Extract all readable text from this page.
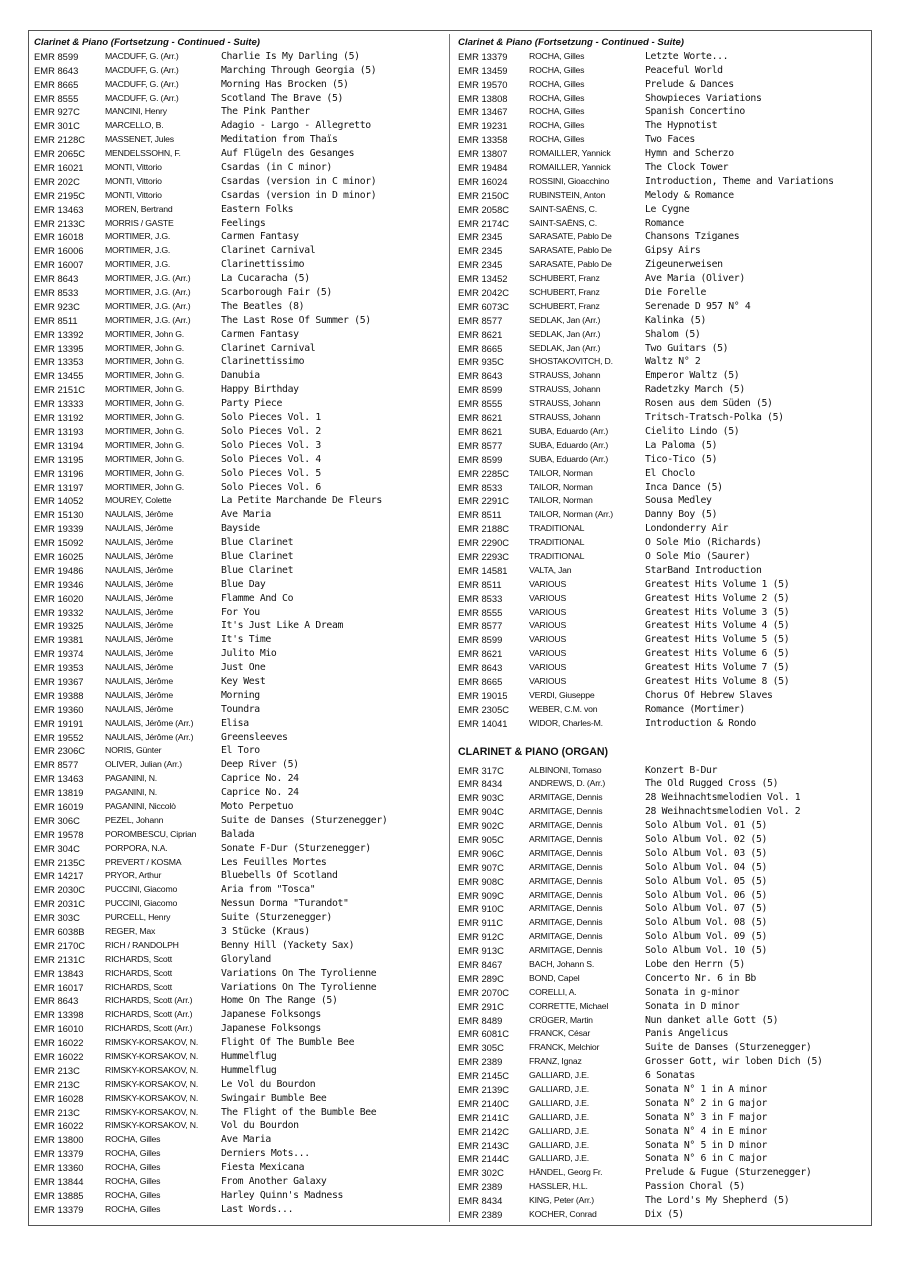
Clarinet & Piano (Fortsetzung - Continued - Suite)
EMR 8599	MACDUFF, G. (Arr.)	Charlie Is My Darling (5)
EMR 8643	MACDUFF, G. (Arr.)	Marching Through Georgia (5)
EMR 8665	MACDUFF, G. (Arr.)	Morning Has Brocken (5)
EMR 8555	MACDUFF, G. (Arr.)	Scotland The Brave (5)
EMR 927C	MANCINI, Henry	The Pink Panther
EMR 301C	MARCELLO, B.	Adagio - Largo - Allegretto
EMR 2128C	MASSENET, Jules	Meditation from Thaïs
EMR 2065C	MENDELSSOHN, F.	Auf Flügeln des Gesanges
EMR 16021	MONTI, Vittorio	Csardas (in C minor)
EMR 202C	MONTI, Vittorio	Csardas (version in C minor)
EMR 2195C	MONTI, Vittorio	Csardas (version in D minor)
EMR 13463	MOREN, Bertrand	Eastern Folks
EMR 2133C	MORRIS / GASTE	Feelings
EMR 16018	MORTIMER, J.G.	Carmen Fantasy
EMR 16006	MORTIMER, J.G.	Clarinet Carnival
EMR 16007	MORTIMER, J.G.	Clarinettissimo
EMR 8643	MORTIMER, J.G. (Arr.)	La Cucaracha (5)
EMR 8533	MORTIMER, J.G. (Arr.)	Scarborough Fair (5)
EMR 923C	MORTIMER, J.G. (Arr.)	The Beatles (8)
EMR 8511	MORTIMER, J.G. (Arr.)	The Last Rose Of Summer (5)
EMR 13392	MORTIMER, John G.	Carmen Fantasy
EMR 13395	MORTIMER, John G.	Clarinet Carnival
EMR 13353	MORTIMER, John G.	Clarinettissimo
EMR 13455	MORTIMER, John G.	Danubia
EMR 2151C	MORTIMER, John G.	Happy Birthday
EMR 13333	MORTIMER, John G.	Party Piece
EMR 13192	MORTIMER, John G.	Solo Pieces Vol. 1
EMR 13193	MORTIMER, John G.	Solo Pieces Vol. 2
EMR 13194	MORTIMER, John G.	Solo Pieces Vol. 3
EMR 13195	MORTIMER, John G.	Solo Pieces Vol. 4
EMR 13196	MORTIMER, John G.	Solo Pieces Vol. 5
EMR 13197	MORTIMER, John G.	Solo Pieces Vol. 6
EMR 14052	MOUREY, Colette	La Petite Marchande De Fleurs
EMR 15130	NAULAIS, Jérôme	Ave Maria
EMR 19339	NAULAIS, Jérôme	Bayside
EMR 15092	NAULAIS, Jérôme	Blue Clarinet
EMR 16025	NAULAIS, Jérôme	Blue Clarinet
EMR 19486	NAULAIS, Jérôme	Blue Clarinet
EMR 19346	NAULAIS, Jérôme	Blue Day
EMR 16020	NAULAIS, Jérôme	Flamme And Co
EMR 19332	NAULAIS, Jérôme	For You
EMR 19325	NAULAIS, Jérôme	It's Just Like A Dream
EMR 19381	NAULAIS, Jérôme	It's Time
EMR 19374	NAULAIS, Jérôme	Julito Mio
EMR 19353	NAULAIS, Jérôme	Just One
EMR 19367	NAULAIS, Jérôme	Key West
EMR 19388	NAULAIS, Jérôme	Morning
EMR 19360	NAULAIS, Jérôme	Toundra
EMR 19191	NAULAIS, Jérôme (Arr.)	Elisa
EMR 19552	NAULAIS, Jérôme (Arr.)	Greensleeves
EMR 2306C	NORIS, Günter	El Toro
EMR 8577	OLIVER, Julian (Arr.)	Deep River (5)
EMR 13463	PAGANINI, N.	Caprice No. 24
EMR 13819	PAGANINI, N.	Caprice No. 24
EMR 16019	PAGANINI, Niccolò	Moto Perpetuo
EMR 306C	PEZEL, Johann	Suite de Danses (Sturzenegger)
EMR 19578	POROMBESCU, Ciprian	Balada
EMR 304C	PORPORA, N.A.	Sonate F-Dur (Sturzenegger)
EMR 2135C	PREVERT / KOSMA	Les Feuilles Mortes
EMR 14217	PRYOR, Arthur	Bluebells Of Scotland
EMR 2030C	PUCCINI, Giacomo	Aria from "Tosca"
EMR 2031C	PUCCINI, Giacomo	Nessun Dorma "Turandot"
EMR 303C	PURCELL, Henry	Suite (Sturzenegger)
EMR 6038B	REGER, Max	3 Stücke (Kraus)
EMR 2170C	RICH / RANDOLPH	Benny Hill (Yackety Sax)
EMR 2131C	RICHARDS, Scott	Gloryland
EMR 13843	RICHARDS, Scott	Variations On The Tyrolienne
EMR 16017	RICHARDS, Scott	Variations On The Tyrolienne
EMR 8643	RICHARDS, Scott (Arr.)	Home On The Range (5)
EMR 13398	RICHARDS, Scott (Arr.)	Japanese Folksongs
EMR 16010	RICHARDS, Scott (Arr.)	Japanese Folksongs
EMR 16022	RIMSKY-KORSAKOV, N.	Flight Of The Bumble Bee
EMR 16022	RIMSKY-KORSAKOV, N.	Hummelflug
EMR 213C	RIMSKY-KORSAKOV, N.	Hummelflug
EMR 213C	RIMSKY-KORSAKOV, N.	Le Vol du Bourdon
EMR 16028	RIMSKY-KORSAKOV, N.	Swingair Bumble Bee
EMR 213C	RIMSKY-KORSAKOV, N.	The Flight of the Bumble Bee
EMR 16022	RIMSKY-KORSAKOV, N.	Vol du Bourdon
EMR 13800	ROCHA, Gilles	Ave Maria
EMR 13379	ROCHA, Gilles	Derniers Mots...
EMR 13360	ROCHA, Gilles	Fiesta Mexicana
EMR 13844	ROCHA, Gilles	From Another Galaxy
EMR 13885	ROCHA, Gilles	Harley Quinn's Madness
EMR 13379	ROCHA, Gilles	Last Words...
Clarinet & Piano (Fortsetzung - Continued - Suite)
EMR 13379	ROCHA, Gilles	Letzte Worte...
EMR 13459	ROCHA, Gilles	Peaceful World
EMR 19570	ROCHA, Gilles	Prelude & Dances
EMR 13808	ROCHA, Gilles	Showpieces Variations
EMR 13467	ROCHA, Gilles	Spanish Concertino
EMR 19231	ROCHA, Gilles	The Hypnotist
EMR 13358	ROCHA, Gilles	Two Faces
EMR 13807	ROMAILLER, Yannick	Hymn and Scherzo
EMR 19484	ROMAILLER, Yannick	The Clock Tower
EMR 16024	ROSSINI, Gioacchino	Introduction, Theme and Variations
EMR 2150C	RUBINSTEIN, Anton	Melody & Romance
EMR 2058C	SAINT-SAËNS, C.	Le Cygne
EMR 2174C	SAINT-SAËNS, C.	Romance
EMR 2345	SARASATE, Pablo De	Chansons Tziganes
EMR 2345	SARASATE, Pablo De	Gipsy Airs
EMR 2345	SARASATE, Pablo De	Zigeunerweisen
EMR 13452	SCHUBERT, Franz	Ave Maria (Oliver)
EMR 2042C	SCHUBERT, Franz	Die Forelle
EMR 6073C	SCHUBERT, Franz	Serenade D 957 N° 4
EMR 8577	SEDLAK, Jan (Arr.)	Kalinka (5)
EMR 8621	SEDLAK, Jan (Arr.)	Shalom (5)
EMR 8665	SEDLAK, Jan (Arr.)	Two Guitars (5)
EMR 935C	SHOSTAKOVITCH, D.	Waltz N° 2
EMR 8643	STRAUSS, Johann	Emperor Waltz (5)
EMR 8599	STRAUSS, Johann	Radetzky March (5)
EMR 8555	STRAUSS, Johann	Rosen aus dem Süden (5)
EMR 8621	STRAUSS, Johann	Tritsch-Tratsch-Polka (5)
EMR 8621	SUBA, Eduardo (Arr.)	Cielito Lindo (5)
EMR 8577	SUBA, Eduardo (Arr.)	La Paloma (5)
EMR 8599	SUBA, Eduardo (Arr.)	Tico-Tico (5)
EMR 2285C	TAILOR, Norman	El Choclo
EMR 8533	TAILOR, Norman	Inca Dance (5)
EMR 2291C	TAILOR, Norman	Sousa Medley
EMR 8511	TAILOR, Norman (Arr.)	Danny Boy (5)
EMR 2188C	TRADITIONAL	Londonderry Air
EMR 2290C	TRADITIONAL	O Sole Mio (Richards)
EMR 2293C	TRADITIONAL	O Sole Mio (Saurer)
EMR 14581	VALTA, Jan	StarBand Introduction
EMR 8511	VARIOUS	Greatest Hits Volume 1 (5)
EMR 8533	VARIOUS	Greatest Hits Volume 2 (5)
EMR 8555	VARIOUS	Greatest Hits Volume 3 (5)
EMR 8577	VARIOUS	Greatest Hits Volume 4 (5)
EMR 8599	VARIOUS	Greatest Hits Volume 5 (5)
EMR 8621	VARIOUS	Greatest Hits Volume 6 (5)
EMR 8643	VARIOUS	Greatest Hits Volume 7 (5)
EMR 8665	VARIOUS	Greatest Hits Volume 8 (5)
EMR 19015	VERDI, Giuseppe	Chorus Of Hebrew Slaves
EMR 2305C	WEBER, C.M. von	Romance (Mortimer)
EMR 14041	WIDOR, Charles-M.	Introduction & Rondo
CLARINET & PIANO (ORGAN)
EMR 317C	ALBINONI, Tomaso	Konzert B-Dur
EMR 8434	ANDREWS, D. (Arr.)	The Old Rugged Cross (5)
EMR 903C	ARMITAGE, Dennis	28 Weihnachtsmelodien Vol. 1
EMR 904C	ARMITAGE, Dennis	28 Weihnachtsmelodien Vol. 2
EMR 902C	ARMITAGE, Dennis	Solo Album Vol. 01 (5)
EMR 905C	ARMITAGE, Dennis	Solo Album Vol. 02 (5)
EMR 906C	ARMITAGE, Dennis	Solo Album Vol. 03 (5)
EMR 907C	ARMITAGE, Dennis	Solo Album Vol. 04 (5)
EMR 908C	ARMITAGE, Dennis	Solo Album Vol. 05 (5)
EMR 909C	ARMITAGE, Dennis	Solo Album Vol. 06 (5)
EMR 910C	ARMITAGE, Dennis	Solo Album Vol. 07 (5)
EMR 911C	ARMITAGE, Dennis	Solo Album Vol. 08 (5)
EMR 912C	ARMITAGE, Dennis	Solo Album Vol. 09 (5)
EMR 913C	ARMITAGE, Dennis	Solo Album Vol. 10 (5)
EMR 8467	BACH, Johann S.	Lobe den Herrn (5)
EMR 289C	BOND, Capel	Concerto Nr. 6 in Bb
EMR 2070C	CORELLI, A.	Sonata in g-minor
EMR 291C	CORRETTE, Michael	Sonata in D minor
EMR 8489	CRÜGER, Martin	Nun danket alle Gott (5)
EMR 6081C	FRANCK, César	Panis Angelicus
EMR 305C	FRANCK, Melchior	Suite de Danses (Sturzenegger)
EMR 2389	FRANZ, Ignaz	Grosser Gott, wir loben Dich (5)
EMR 2145C	GALLIARD, J.E.	6 Sonatas
EMR 2139C	GALLIARD, J.E.	Sonata N° 1 in A minor
EMR 2140C	GALLIARD, J.E.	Sonata N° 2 in G major
EMR 2141C	GALLIARD, J.E.	Sonata N° 3 in F major
EMR 2142C	GALLIARD, J.E.	Sonata N° 4 in E minor
EMR 2143C	GALLIARD, J.E.	Sonata N° 5 in D minor
EMR 2144C	GALLIARD, J.E.	Sonata N° 6 in C major
EMR 302C	HÄNDEL, Georg Fr.	Prelude & Fugue (Sturzenegger)
EMR 2389	HASSLER, H.L.	Passion Choral (5)
EMR 8434	KING, Peter (Arr.)	The Lord's My Shepherd (5)
EMR 2389	KOCHER, Conrad	Dix (5)
